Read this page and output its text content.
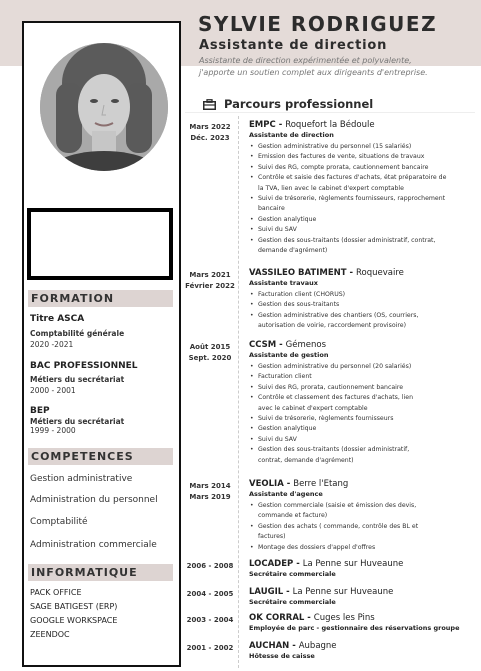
SYLVIE RODRIGUEZ
Assistante de direction
Assistante de direction expérimentée et polyvalente,
j'apporte un soutien complet aux dirigeants d'entreprise.
FORMATION
Titre ASCA
Comptabilité générale
2020 -2021
BAC PROFESSIONNEL
Métiers du secrétariat
2000 - 2001
BEP
Métiers du secrétariat
1999 - 2000
COMPETENCES
Gestion administrative
Administration du personnel
Comptabilité
Administration commerciale
INFORMATIQUE
PACK OFFICE
SAGE BATIGEST (ERP)
GOOGLE WORKSPACE
ZEENDOC
Parcours professionnel
Mars 2022
Déc. 2023
EMPC - Roquefort la Bédoule
Assistante de direction
• Gestion administrative du personnel (15 salariés)
• Emission des factures de vente, situations de travaux
• Suivi des RG, compte prorata, cautionnement bancaire
• Contrôle et saisie des factures d'achats, état préparatoire de
la TVA, lien avec le cabinet d'expert comptable
• Suivi de trésorerie, règlements fournisseurs, rapprochement
bancaire
• Gestion analytique
• Suivi du SAV
• Gestion des sous-traitants (dossier administratif, contrat,
demande d'agrément)
Mars 2021
Février 2022
VASSILEO BATIMENT - Roquevaire
Assistante travaux
• Facturation client (CHORUS)
• Gestion des sous-traitants
• Gestion administrative des chantiers (OS, courriers,
autorisation de voirie, raccordement provisoire)
Août 2015
Sept. 2020
CCSM - Gémenos
Assistante de gestion
• Gestion administrative du personnel (20 salariés)
• Facturation client
• Suivi des RG, prorata, cautionnement bancaire
• Contrôle et classement des factures d'achats, lien
avec le cabinet d'expert comptable
• Suivi de trésorerie, règlements fournisseurs
• Gestion analytique
• Suivi du SAV
• Gestion des sous-traitants (dossier administratif,
contrat, demande d'agrément)
Mars 2014
Mars 2019
VEOLIA - Berre l'Etang
Assistante d'agence
• Gestion commerciale (saisie et émission des devis,
commande et facture)
• Gestion des achats ( commande, contrôle des BL et
factures)
• Montage des dossiers d'appel d'offres
2006 - 2008	LOCADEP - La Penne sur Huveaune
Secrétaire commerciale
2004 - 2005	LAUGIL - La Penne sur Huveaune
Secrétaire commerciale
2003 - 2004	OK CORRAL - Cuges les Pins
Employée de parc - gestionnaire des réservations groupe
2001 - 2002	AUCHAN - Aubagne
Hôtesse de caisse
